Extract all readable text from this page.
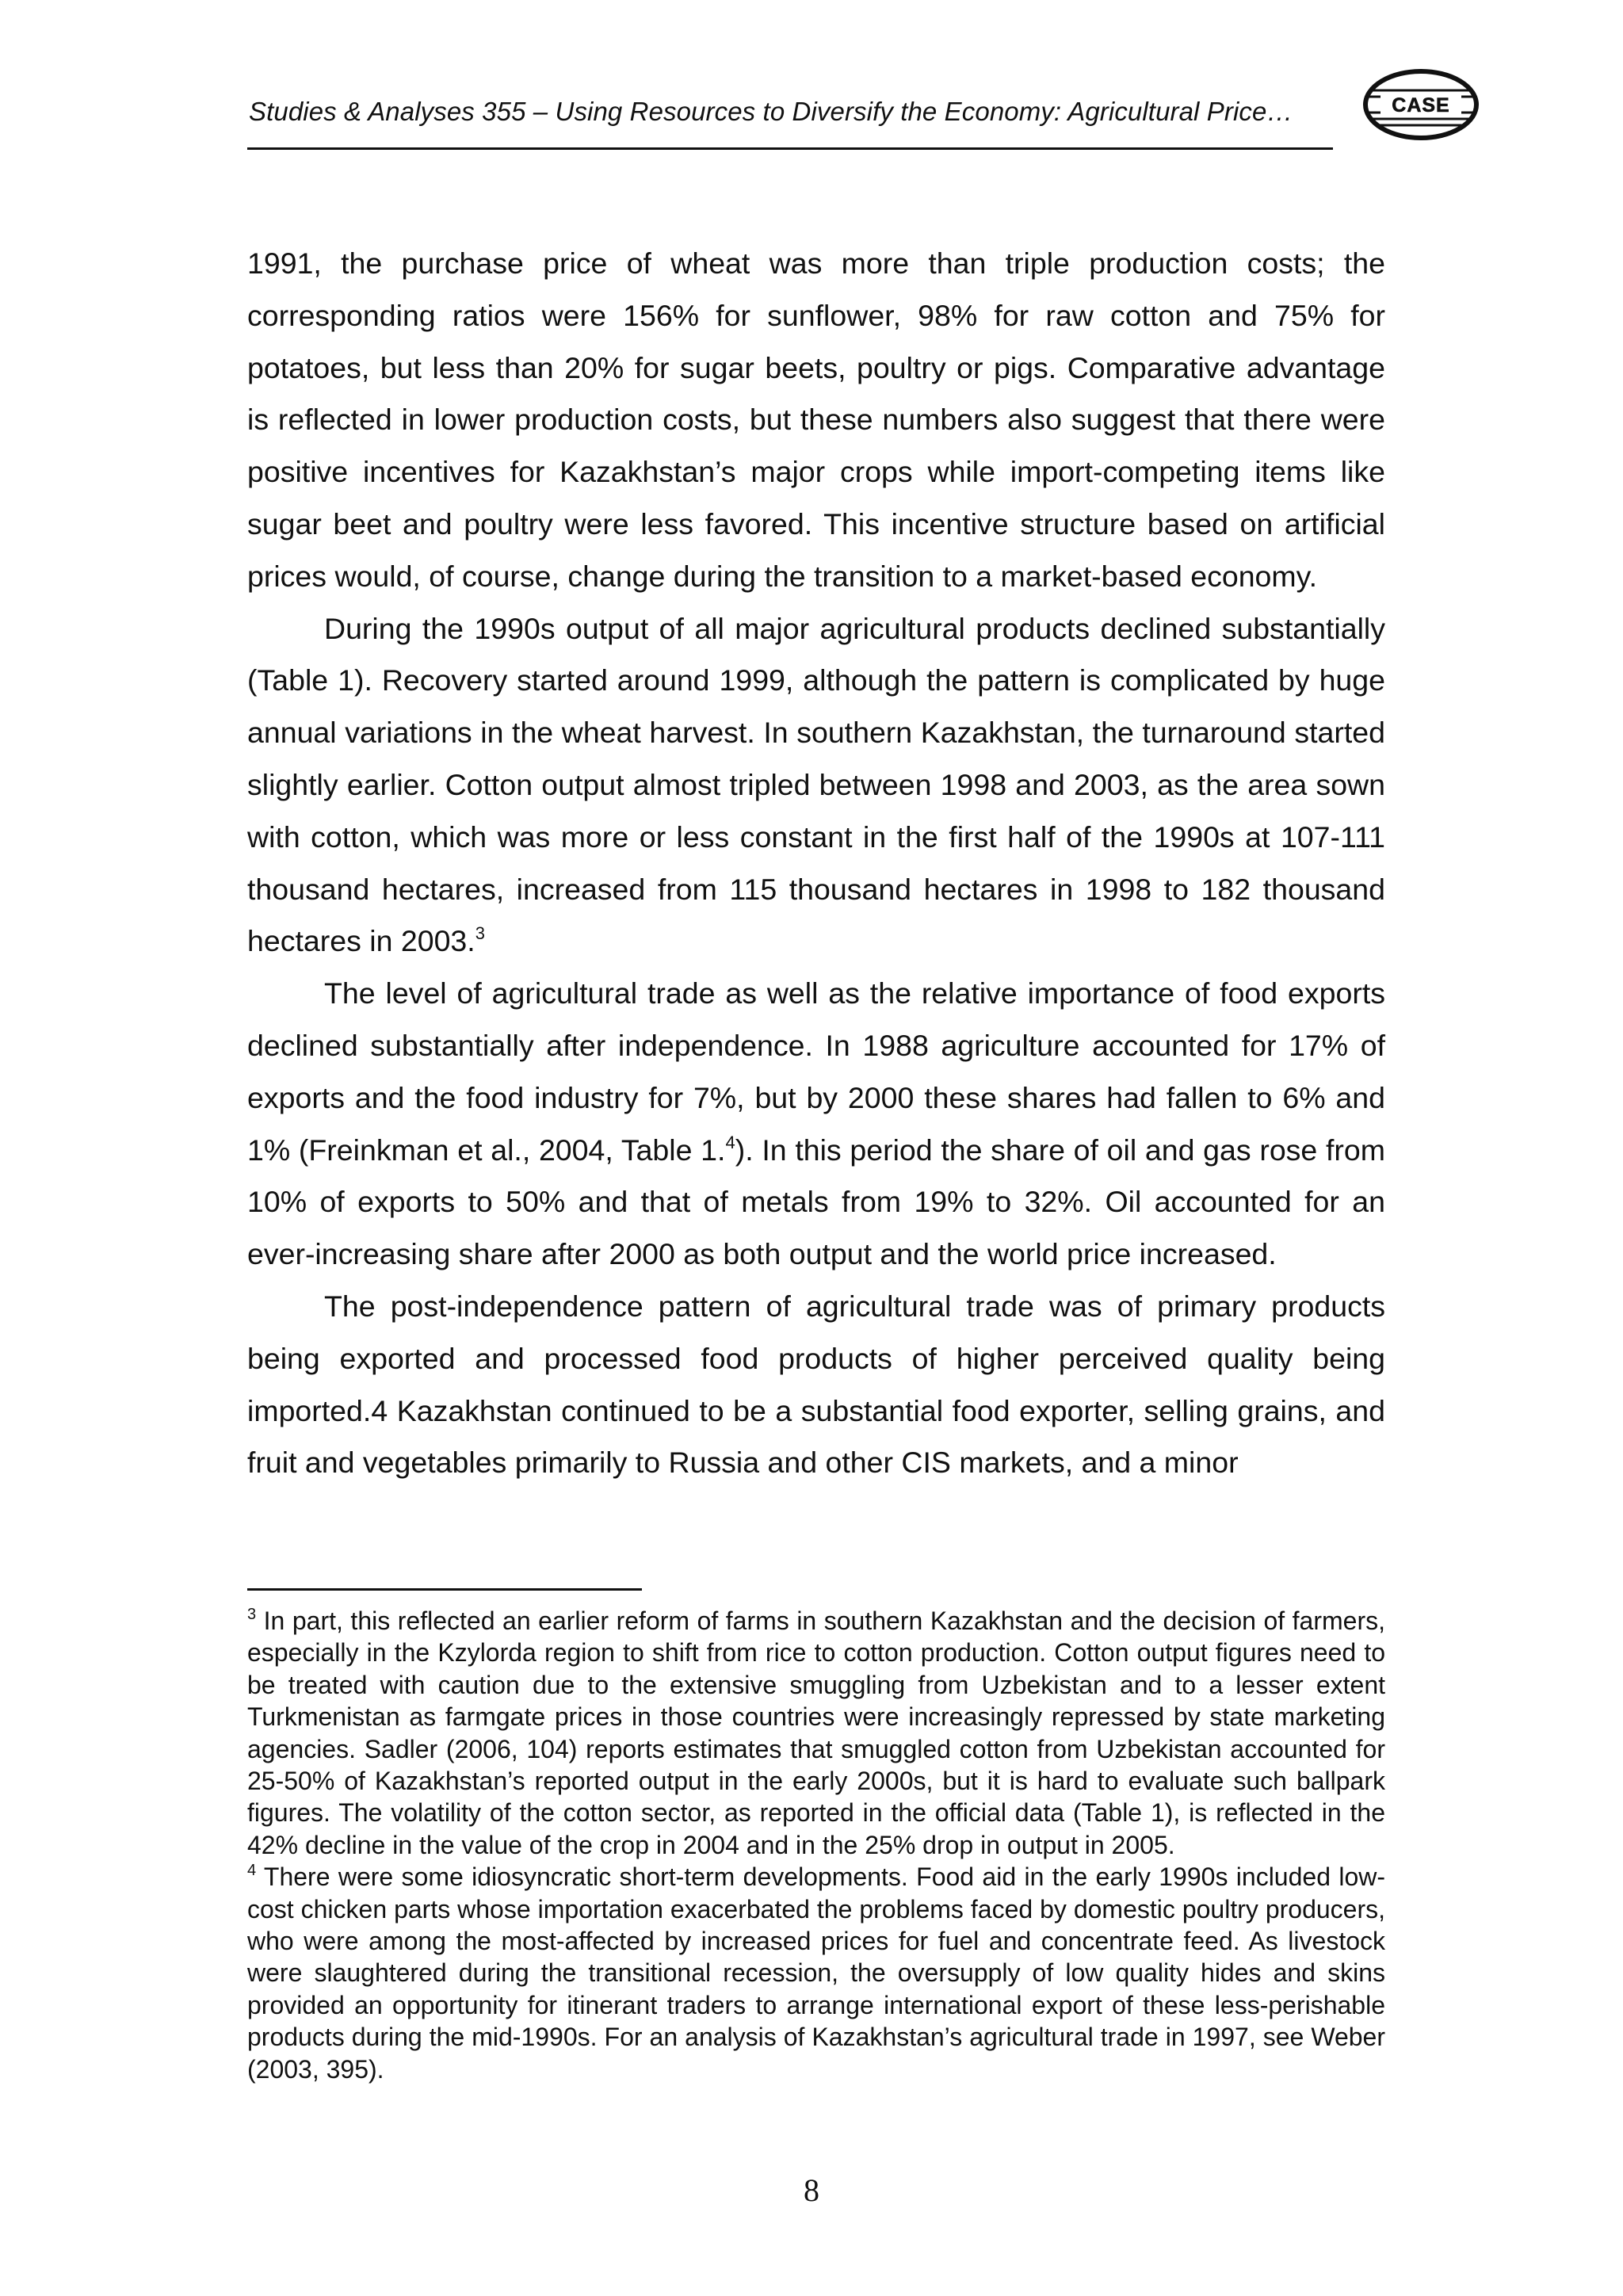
Studies & Analyses 355 – Using Resources to Diversify the Economy: Agricultural Price…	CASE

1991, the purchase price of wheat was more than triple production costs; the corresponding ratios were 156% for sunflower, 98% for raw cotton and 75% for potatoes, but less than 20% for sugar beets, poultry or pigs. Comparative advantage is reflected in lower production costs, but these numbers also suggest that there were positive incentives for Kazakhstan’s major crops while import-competing items like sugar beet and poultry were less favored. This incentive structure based on artificial prices would, of course, change during the transition to a market-based economy.

During the 1990s output of all major agricultural products declined substantially (Table 1). Recovery started around 1999, although the pattern is complicated by huge annual variations in the wheat harvest. In southern Kazakhstan, the turnaround started slightly earlier. Cotton output almost tripled between 1998 and 2003, as the area sown with cotton, which was more or less constant in the first half of the 1990s at 107-111 thousand hectares, increased from 115 thousand hectares in 1998 to 182 thousand hectares in 2003.$^3$

The level of agricultural trade as well as the relative importance of food exports declined substantially after independence. In 1988 agriculture accounted for 17% of exports and the food industry for 7%, but by 2000 these shares had fallen to 6% and 1% (Freinkman et al., 2004, Table 1.$^4$). In this period the share of oil and gas rose from 10% of exports to 50% and that of metals from 19% to 32%. Oil accounted for an ever-increasing share after 2000 as both output and the world price increased.

The post-independence pattern of agricultural trade was of primary products being exported and processed food products of higher perceived quality being imported.4 Kazakhstan continued to be a substantial food exporter, selling grains, and fruit and vegetables primarily to Russia and other CIS markets, and a minor

$^3$ In part, this reflected an earlier reform of farms in southern Kazakhstan and the decision of farmers, especially in the Kzylorda region to shift from rice to cotton production. Cotton output figures need to be treated with caution due to the extensive smuggling from Uzbekistan and to a lesser extent Turkmenistan as farmgate prices in those countries were increasingly repressed by state marketing agencies. Sadler (2006, 104) reports estimates that smuggled cotton from Uzbekistan accounted for 25-50% of Kazakhstan’s reported output in the early 2000s, but it is hard to evaluate such ballpark figures. The volatility of the cotton sector, as reported in the official data (Table 1), is reflected in the 42% decline in the value of the crop in 2004 and in the 25% drop in output in 2005.

$^4$ There were some idiosyncratic short-term developments. Food aid in the early 1990s included low-cost chicken parts whose importation exacerbated the problems faced by domestic poultry producers, who were among the most-affected by increased prices for fuel and concentrate feed. As livestock were slaughtered during the transitional recession, the oversupply of low quality hides and skins provided an opportunity for itinerant traders to arrange international export of these less-perishable products during the mid-1990s. For an analysis of Kazakhstan’s agricultural trade in 1997, see Weber (2003, 395).

8
